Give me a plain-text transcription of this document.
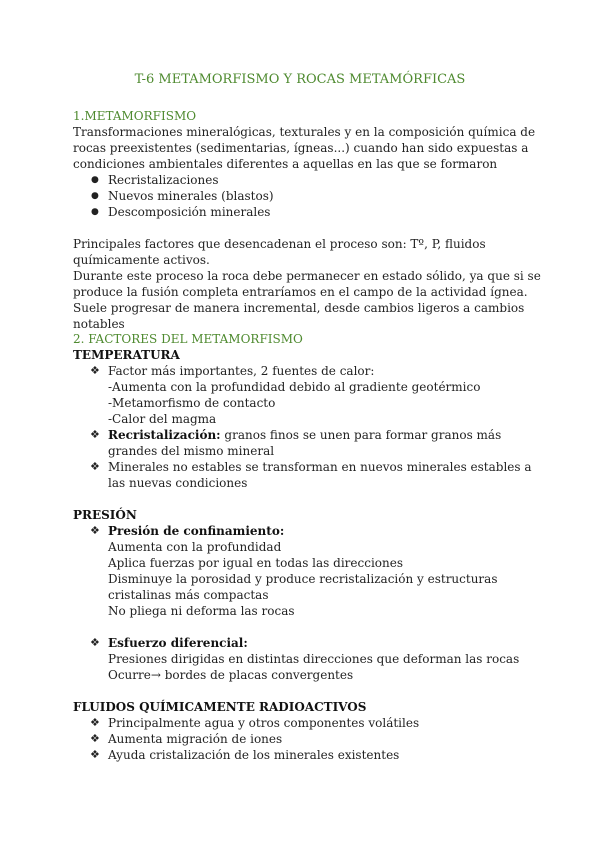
T-6 METAMORFISMO Y ROCAS METAMÓRFICAS
1.METAMORFISMO

Transformaciones mineralógicas, texturales y en la composición química de rocas preexistentes (sedimentarias, ígneas...) cuando han sido expuestas a condiciones ambientales diferentes a aquellas en las que se formaron

● Recristalizaciones
● Nuevos minerales (blastos)
● Descomposición minerales

Principales factores que desencadenan el proceso son: Tº, P, fluidos químicamente activos.

Durante este proceso la roca debe permanecer en estado sólido, ya que si se produce la fusión completa entraríamos en el campo de la actividad ígnea.

Suele progresar de manera incremental, desde cambios ligeros a cambios notables

2. FACTORES DEL METAMORFISMO
TEMPERATURA
❖ Factor más importantes, 2 fuentes de calor:
-Aumenta con la profundidad debido al gradiente geotérmico
-Metamorfismo de contacto
-Calor del magma
❖ Recristalización: granos finos se unen para formar granos más grandes del mismo mineral
❖ Minerales no estables se transforman en nuevos minerales estables a las nuevas condiciones
PRESIÓN
❖ Presión de confinamiento:
Aumenta con la profundidad
Aplica fuerzas por igual en todas las direcciones
Disminuye la porosidad y produce recristalización y estructuras cristalinas más compactas
No pliega ni deforma las rocas
❖ Esfuerzo diferencial:
Presiones dirigidas en distintas direcciones que deforman las rocas
Ocurre→ bordes de placas convergentes
FLUIDOS QUÍMICAMENTE RADIOACTIVOS
❖ Principalmente agua y otros componentes volátiles
❖ Aumenta migración de iones
❖ Ayuda cristalización de los minerales existentes
